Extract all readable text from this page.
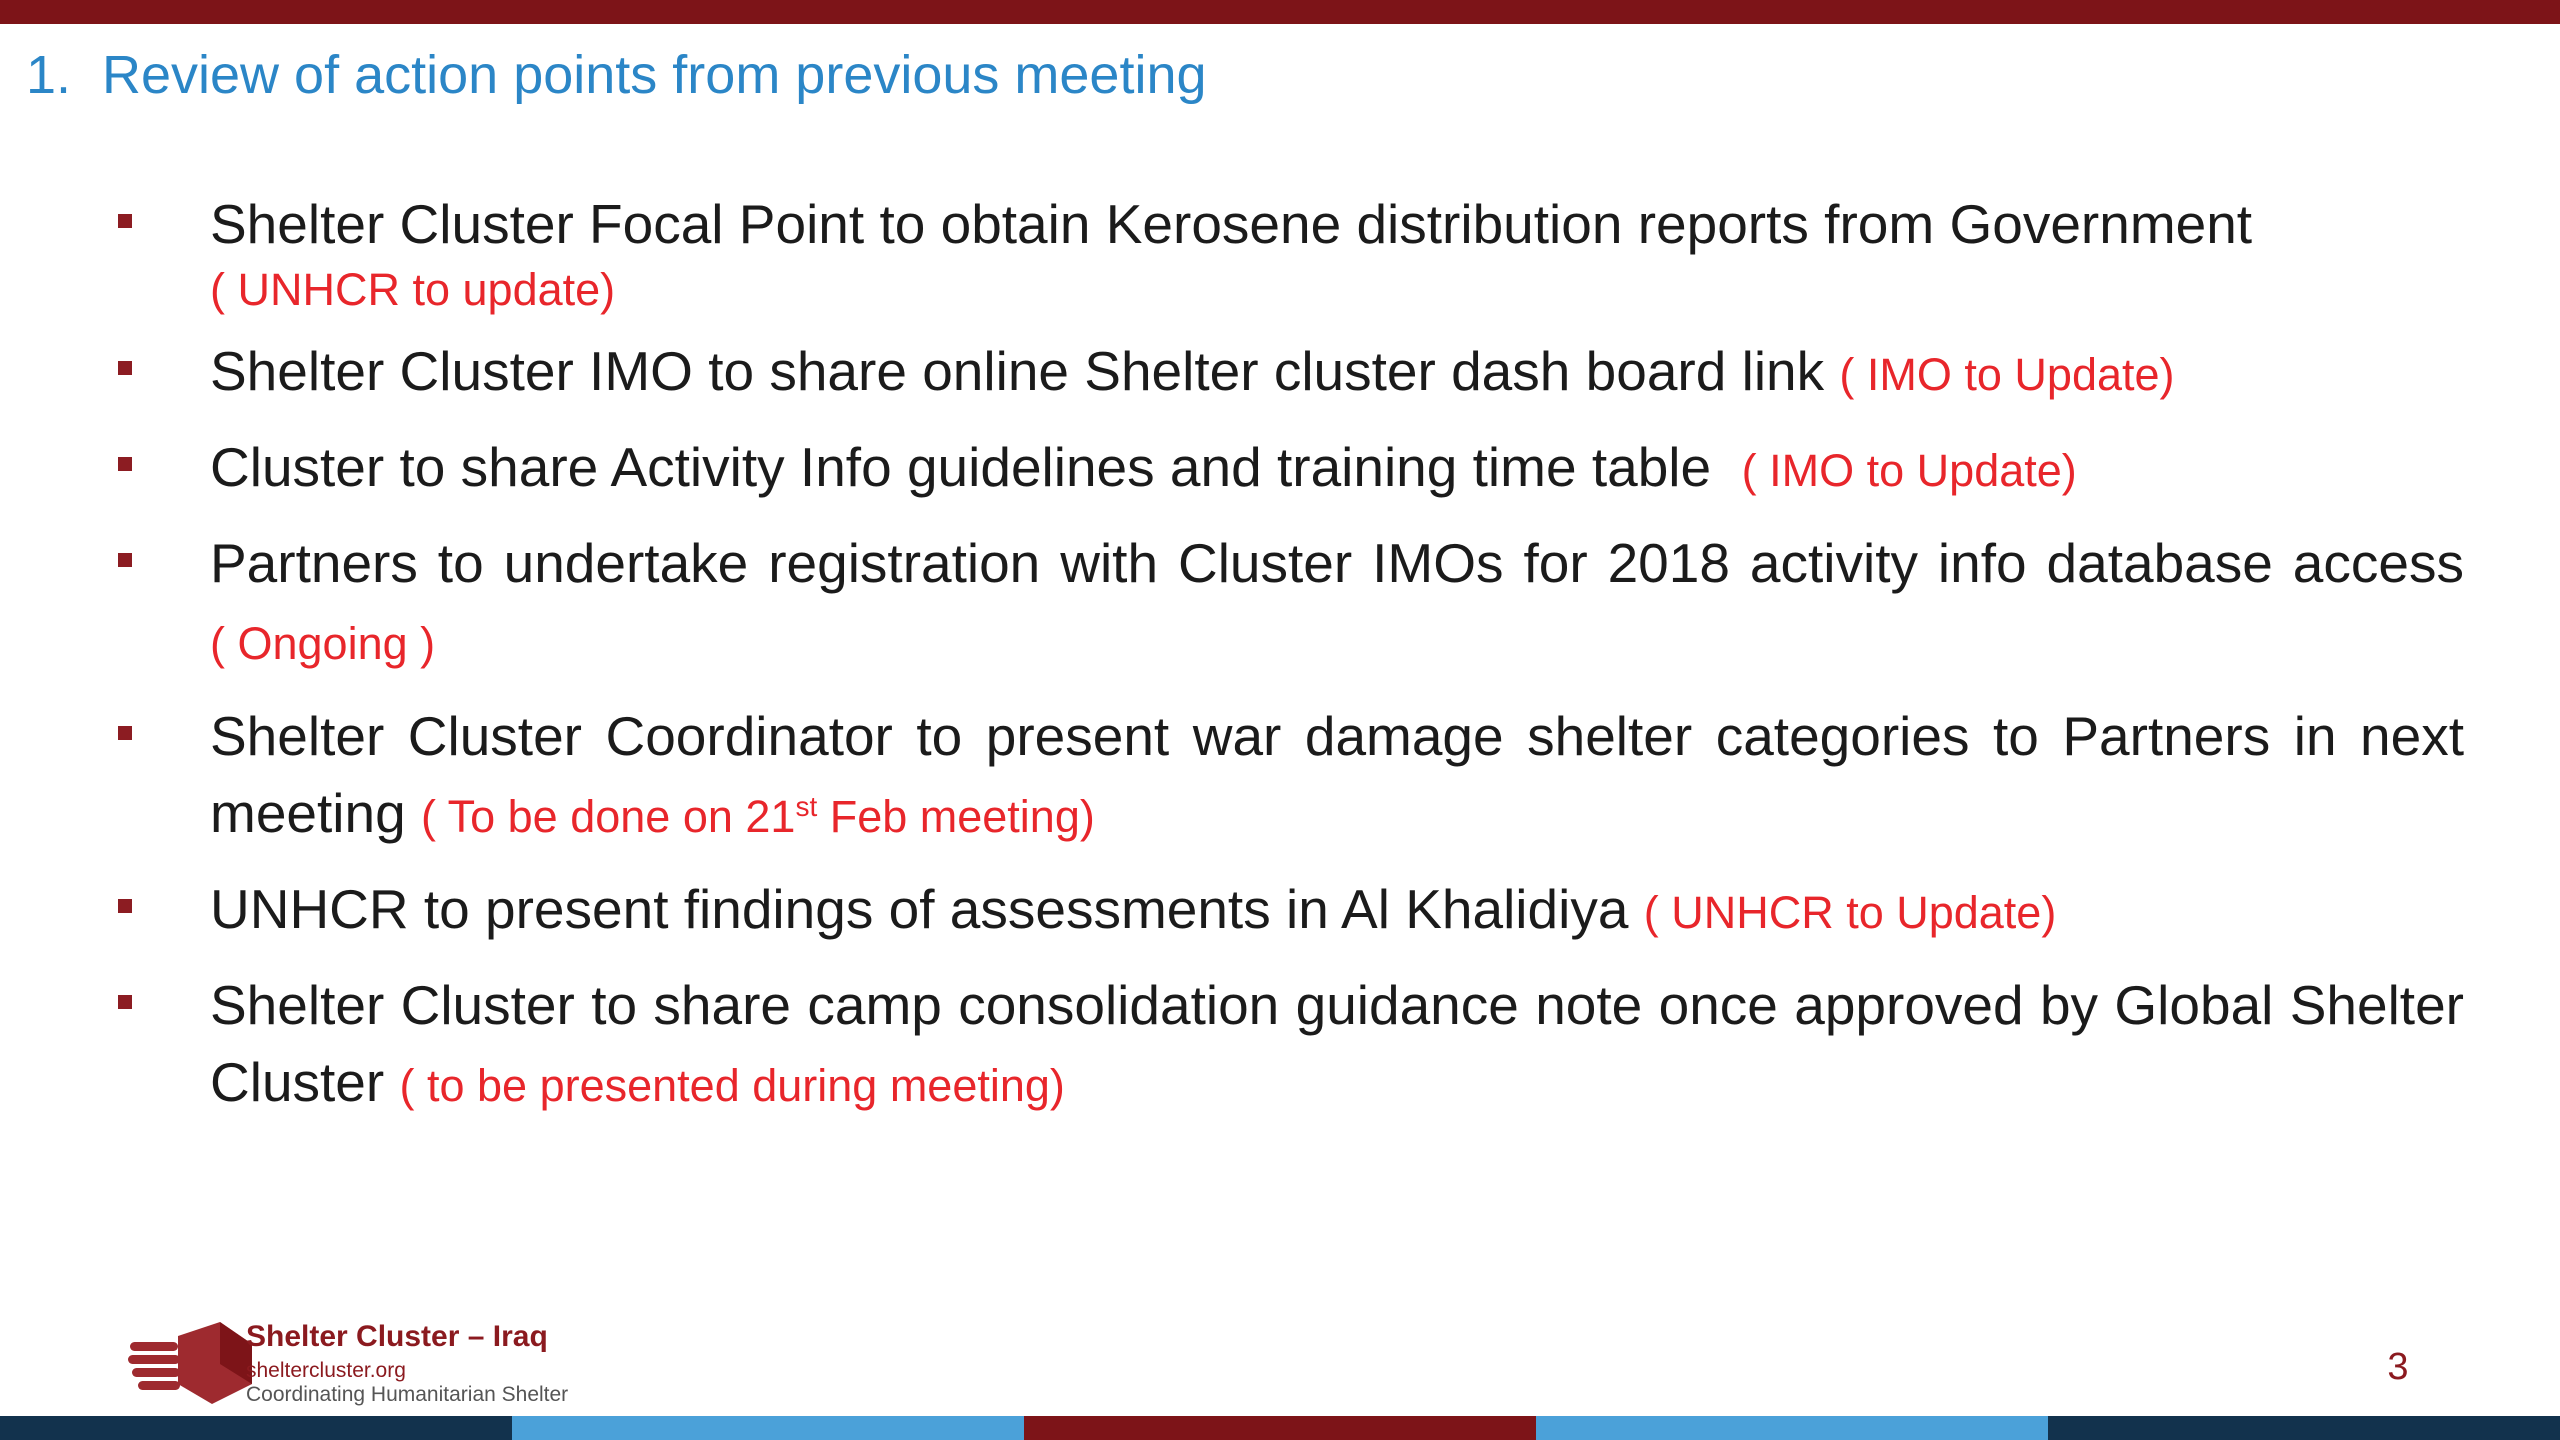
1. Review of action points from previous meeting
Shelter Cluster Focal Point to obtain Kerosene distribution reports from Government
( UNHCR to update)
Shelter Cluster IMO to share online Shelter cluster dash board link ( IMO to Update)
Cluster to share Activity Info guidelines and training time table ( IMO to Update)
Partners to undertake registration with Cluster IMOs for 2018 activity info database access ( Ongoing )
Shelter Cluster Coordinator to present war damage shelter categories to Partners in next meeting ( To be done on 21st Feb meeting)
UNHCR to present findings of assessments in Al Khalidiya ( UNHCR to Update)
Shelter Cluster to share camp consolidation guidance note once approved by Global Shelter Cluster ( to be presented during meeting)
Shelter Cluster – Iraq
sheltercluster.org
Coordinating Humanitarian Shelter
3
